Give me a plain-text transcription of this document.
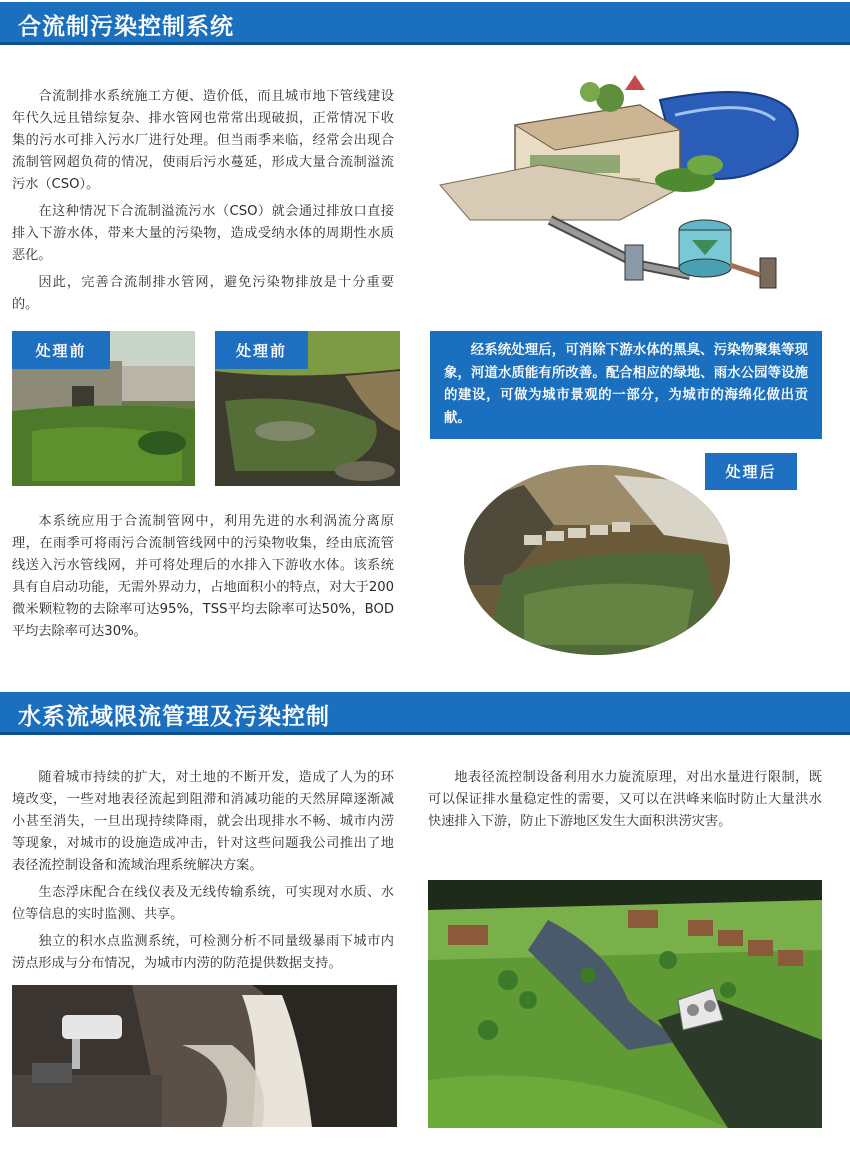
合流制污染控制系统

合流制排水系统施工方便、造价低，而且城市地下管线建设年代久远且错综复杂、排水管网也常常出现破损，正常情况下收集的污水可排入污水厂进行处理。但当雨季来临，经常会出现合流制管网超负荷的情况，使雨后污水蔓延，形成大量合流制溢流污水（CSO）。

在这种情况下合流制溢流污水（CSO）就会通过排放口直接排入下游水体，带来大量的污染物，造成受纳水体的周期性水质恶化。

因此，完善合流制排水管网，避免污染物排放是十分重要的。

处理前	处理前	经系统处理后，可消除下游水体的黑臭、污染物聚集等现象，河道水质能有所改善。配合相应的绿地、雨水公园等设施的建设，可做为城市景观的一部分，为城市的海绵化做出贡献。

处理后

本系统应用于合流制管网中，利用先进的水利涡流分离原理，在雨季可将雨污合流制管线网中的污染物收集，经由底流管线送入污水管线网，并可将处理后的水排入下游收水体。该系统具有自启动功能，无需外界动力，占地面积小的特点，对大于200微米颗粒物的去除率可达95%，TSS平均去除率可达50%，BOD平均去除率可达30%。

水系流域限流管理及污染控制

随着城市持续的扩大，对土地的不断开发，造成了人为的环境改变，一些对地表径流起到阻滞和消减功能的天然屏障逐渐减小甚至消失，一旦出现持续降雨，就会出现排水不畅、城市内涝等现象，对城市的设施造成冲击，针对这些问题我公司推出了地表径流控制设备和流域治理系统解决方案。

生态浮床配合在线仪表及无线传输系统，可实现对水质、水位等信息的实时监测、共享。

独立的积水点监测系统，可检测分析不同量级暴雨下城市内涝点形成与分布情况，为城市内涝的防范提供数据支持。

地表径流控制设备利用水力旋流原理，对出水量进行限制，既可以保证排水量稳定性的需要，又可以在洪峰来临时防止大量洪水快速排入下游，防止下游地区发生大面积洪涝灾害。
